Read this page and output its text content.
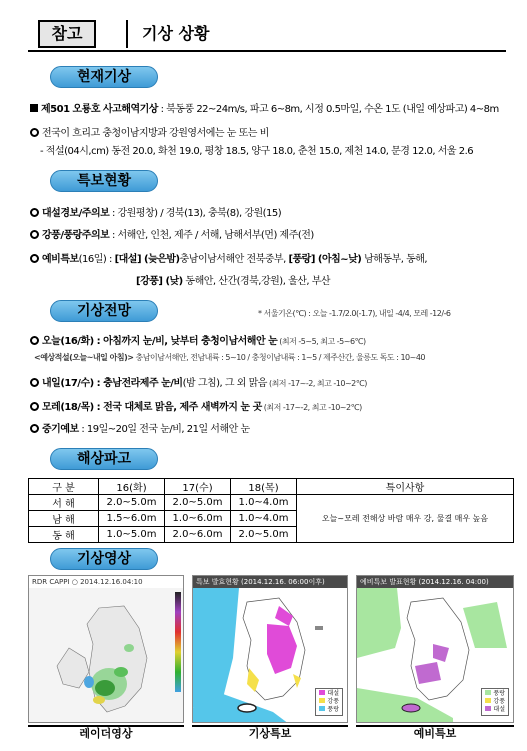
참고	기상 상황
현재기상
제501 오룡호 사고해역기상 : 북동풍 22~24m/s, 파고 6~8m, 시정 0.5마일, 수온 1도 (내일 예상파고) 4~8m
전국이 흐리고 충청이남지방과 강원영서에는 눈 또는 비
- 적설(04시,cm) 동전 20.0, 화천 19.0, 평창 18.5, 양구 18.0, 춘천 15.0, 제천 14.0, 문경 12.0, 서울 2.6
특보현황
대설경보/주의보 : 강원평창) / 경북(13), 충북(8), 강원(15)
강풍/풍랑주의보 : 서해안, 인천, 제주 / 서해, 남해서부(먼) 제주(전)
예비특보(16일) : [대설] (늦은밤)충남이남서해안 전북중부, [풍랑] (아침~낮) 남해동부, 동해,
[강풍] (낮) 동해안, 산간(경북,강원), 울산, 부산
기상전망	* 서울기온(℃) : 오늘 -1.7/2.0(-1.7), 내일 -4/4, 모레 -12/-6
오늘(16/화) : 아침까지 눈/비, 낮부터 충청이남서해안 눈 (최저 -5~5, 최고 -5~6℃)
<예상적설(오늘~내일 아침)> 충남이남서해안, 전남내륙 : 5~10 / 충청이남내륙 : 1~5 / 제주산간, 울릉도 독도 : 10~40
내일(17/수) : 충남전라제주 눈/비(밤 그침), 그 외 맑음 (최저 -17~-2, 최고 -10~2℃)
모레(18/목) : 전국 대체로 맑음, 제주 새벽까지 눈 곳 (최저 -17~-2, 최고 -10~2℃)
중기예보 : 19일~20일 전국 눈/비, 21일 서해안 눈
해상파고
구 분	16(화)	17(수)	18(목)	특이사항
서 해	2.0~5.0m	2.0~5.0m	1.0~4.0m	오늘~모레 전해상 바람 매우 강, 물결 매우 높음
남 해	1.5~6.0m	1.0~6.0m	1.0~4.0m	
동 해	1.0~5.0m	2.0~6.0m	2.0~5.0m	
기상영상
RDR CAPPI ○ 2014.12.16.04:10
레이더영상
특보 발효현황 (2014.12.16. 06:00이후)
대설
강풍
풍랑
기상특보
예비특보 발표현황 (2014.12.16. 04:00)
풍랑
강풍
대설
예비특보
